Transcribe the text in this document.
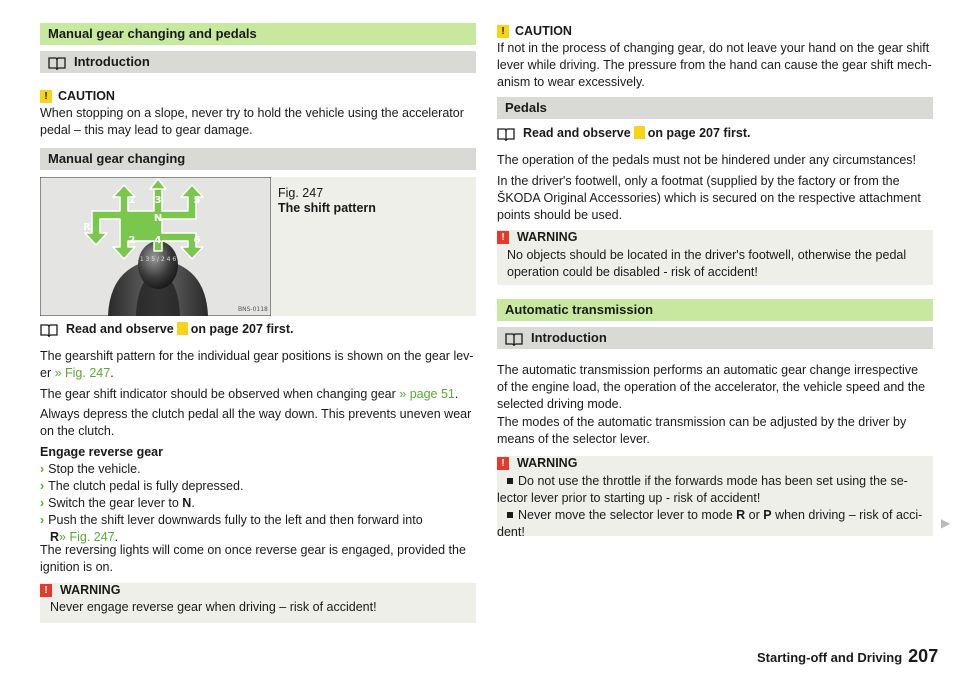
Manual gear changing and pedals
Introduction
! CAUTION
When stopping on a slope, never try to hold the vehicle using the accelerator
pedal – this may lead to gear damage.
Manual gear changing
1 3 5 / 2 4 6
1 3	5
2 4	6
R
N
BNS-0118
Fig. 247
The shift pattern
Read and observe on page 207 first.
The gearshift pattern for the individual gear positions is shown on the gear lev-
er » Fig. 247.
The gear shift indicator should be observed when changing gear » page 51.
Always depress the clutch pedal all the way down. This prevents uneven wear
on the clutch.
Engage reverse gear
› Stop the vehicle.
› The clutch pedal is fully depressed.
› Switch the gear lever to N.
› Push the shift lever downwards fully to the left and then forward into
R» Fig. 247.
The reversing lights will come on once reverse gear is engaged, provided the
ignition is on.
! WARNING
Never engage reverse gear when driving – risk of accident!
! CAUTION
If not in the process of changing gear, do not leave your hand on the gear shift
lever while driving. The pressure from the hand can cause the gear shift mech-
anism to wear excessively.
Pedals
Read and observe on page 207 first.
The operation of the pedals must not be hindered under any circumstances!
In the driver's footwell, only a footmat (supplied by the factory or from the
ŠKODA Original Accessories) which is secured on the respective attachment
points should be used.
! WARNING
No objects should be located in the driver's footwell, otherwise the pedal
operation could be disabled - risk of accident!
Automatic transmission
Introduction
The automatic transmission performs an automatic gear change irrespective
of the engine load, the operation of the accelerator, the vehicle speed and the
selected driving mode.
The modes of the automatic transmission can be adjusted by the driver by
means of the selector lever.
! WARNING
Do not use the throttle if the forwards mode has been set using the se-
lector lever prior to starting up - risk of accident!
Never move the selector lever to mode R or P when driving – risk of acci-
dent!
▶
Starting-off and Driving 207
